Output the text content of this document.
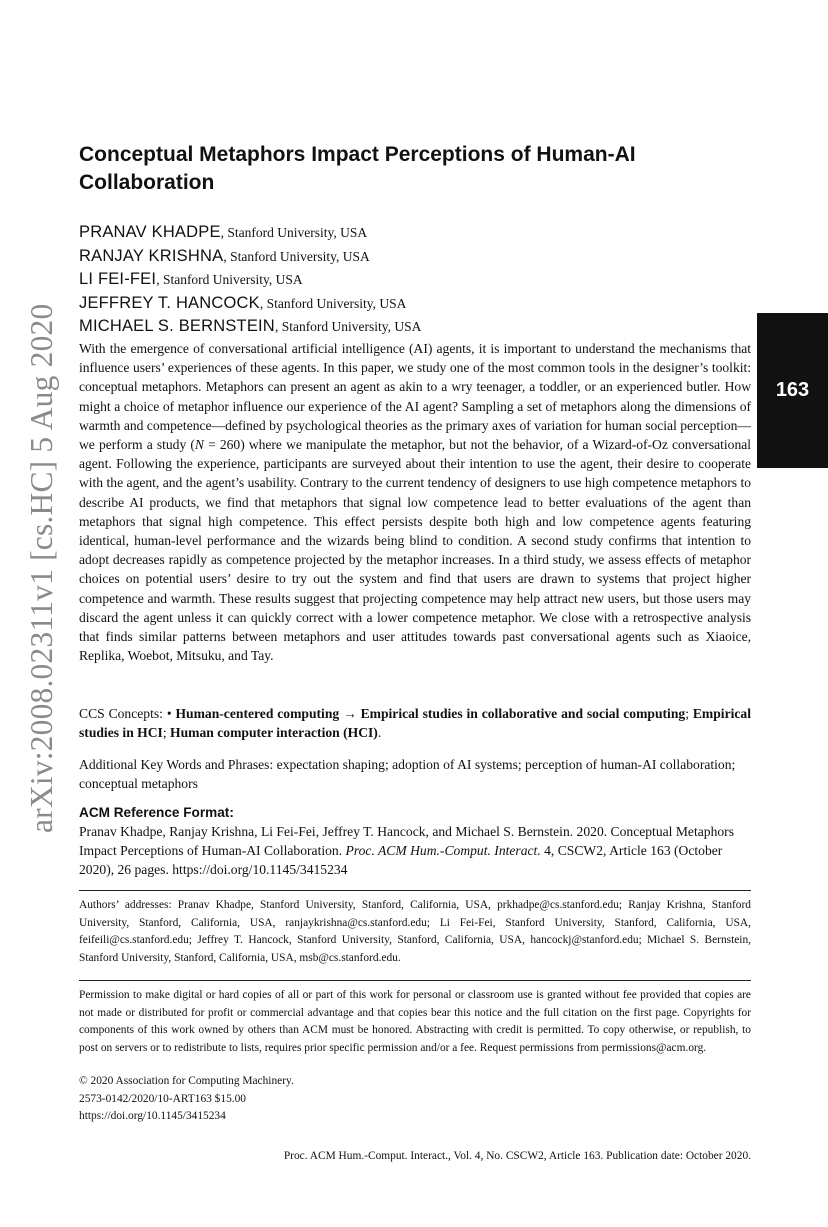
arXiv:2008.02311v1 [cs.HC] 5 Aug 2020	163
Conceptual Metaphors Impact Perceptions of Human-AI Collaboration
PRANAV KHADPE, Stanford University, USA
RANJAY KRISHNA, Stanford University, USA
LI FEI-FEI, Stanford University, USA
JEFFREY T. HANCOCK, Stanford University, USA
MICHAEL S. BERNSTEIN, Stanford University, USA

With the emergence of conversational artificial intelligence (AI) agents, it is important to understand the mechanisms that influence users’ experiences of these agents. In this paper, we study one of the most common tools in the designer’s toolkit: conceptual metaphors. Metaphors can present an agent as akin to a wry teenager, a toddler, or an experienced butler. How might a choice of metaphor influence our experience of the AI agent? Sampling a set of metaphors along the dimensions of warmth and competence—defined by psychological theories as the primary axes of variation for human social perception—we perform a study (N = 260) where we manipulate the metaphor, but not the behavior, of a Wizard-of-Oz conversational agent. Following the experience, participants are surveyed about their intention to use the agent, their desire to cooperate with the agent, and the agent’s usability. Contrary to the current tendency of designers to use high competence metaphors to describe AI products, we find that metaphors that signal low competence lead to better evaluations of the agent than metaphors that signal high competence. This effect persists despite both high and low competence agents featuring identical, human-level performance and the wizards being blind to condition. A second study confirms that intention to adopt decreases rapidly as competence projected by the metaphor increases. In a third study, we assess effects of metaphor choices on potential users’ desire to try out the system and find that users are drawn to systems that project higher competence and warmth. These results suggest that projecting competence may help attract new users, but those users may discard the agent unless it can quickly correct with a lower competence metaphor. We close with a retrospective analysis that finds similar patterns between metaphors and user attitudes towards past conversational agents such as Xiaoice, Replika, Woebot, Mitsuku, and Tay.

CCS Concepts: • Human-centered computing → Empirical studies in collaborative and social computing; Empirical studies in HCI; Human computer interaction (HCI).

Additional Key Words and Phrases: expectation shaping; adoption of AI systems; perception of human-AI collaboration; conceptual metaphors

ACM Reference Format:

Pranav Khadpe, Ranjay Krishna, Li Fei-Fei, Jeffrey T. Hancock, and Michael S. Bernstein. 2020. Conceptual Metaphors Impact Perceptions of Human-AI Collaboration. Proc. ACM Hum.-Comput. Interact. 4, CSCW2, Article 163 (October 2020), 26 pages. https://doi.org/10.1145/3415234

Authors’ addresses: Pranav Khadpe, Stanford University, Stanford, California, USA, prkhadpe@cs.stanford.edu; Ranjay Krishna, Stanford University, Stanford, California, USA, ranjaykrishna@cs.stanford.edu; Li Fei-Fei, Stanford University, Stanford, California, USA, feifeili@cs.stanford.edu; Jeffrey T. Hancock, Stanford University, Stanford, California, USA, hancockj@stanford.edu; Michael S. Bernstein, Stanford University, Stanford, California, USA, msb@cs.stanford.edu.

Permission to make digital or hard copies of all or part of this work for personal or classroom use is granted without fee provided that copies are not made or distributed for profit or commercial advantage and that copies bear this notice and the full citation on the first page. Copyrights for components of this work owned by others than ACM must be honored. Abstracting with credit is permitted. To copy otherwise, or republish, to post on servers or to redistribute to lists, requires prior specific permission and/or a fee. Request permissions from permissions@acm.org.

© 2020 Association for Computing Machinery.
2573-0142/2020/10-ART163 $15.00
https://doi.org/10.1145/3415234
Proc. ACM Hum.-Comput. Interact., Vol. 4, No. CSCW2, Article 163. Publication date: October 2020.
